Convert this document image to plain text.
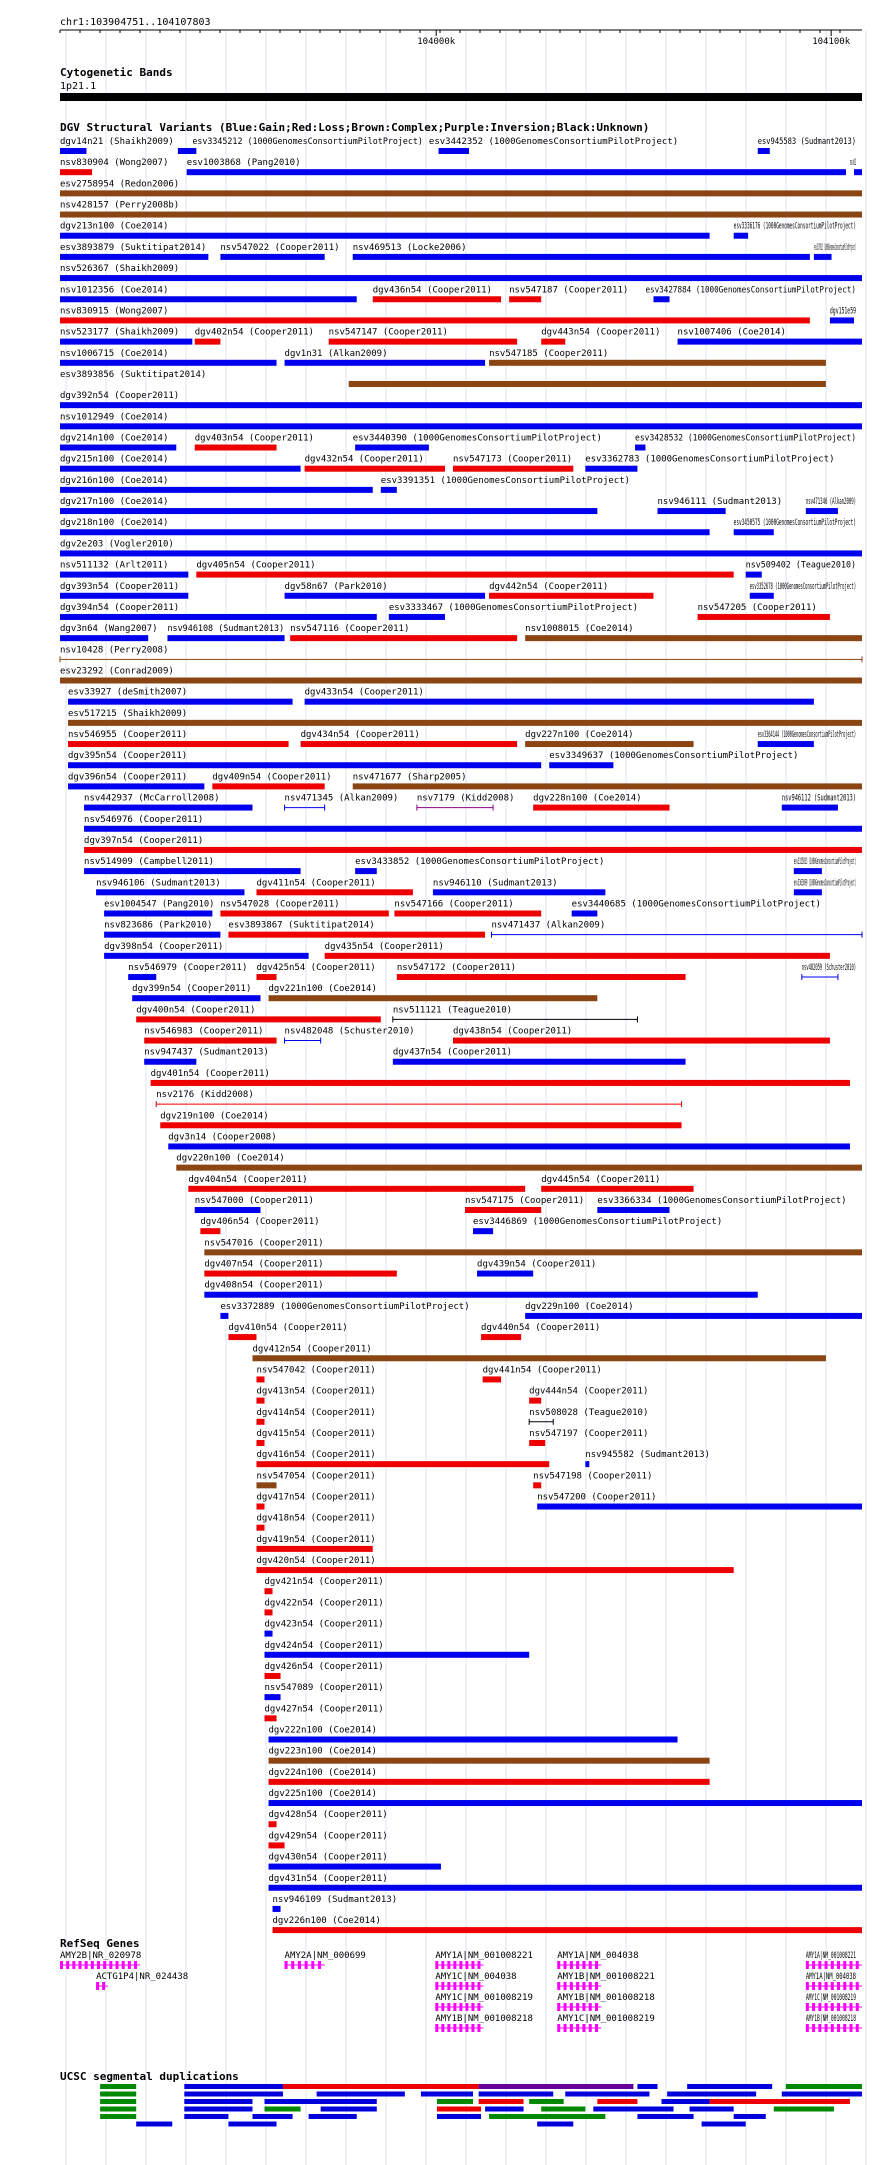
chr1:103904751..104107803
104000k	104100k
Cytogenetic Bands
1p21.1
DGV Structural Variants (Blue:Gain;Red:Loss;Brown:Complex;Purple:Inversion;Black:Unknown)
dgv14n21 (Shaikh2009) esv3345212 (1000GenomesConsortiumPilotProject) esv3442352 (1000GenomesConsortiumPilotProject)	esv945583 (Sudmant2013)
nsv830904 (Wong2007) esv1003868 (Pang2010)	nsv82
esv2758954 (Redon2006)
nsv428157 (Perry2008b)
dgv213n100 (Coe2014)	esv3336176 (1000GenomesConsortiumPilotProject)
esv3893879 (Suktitipat2014) nsv547022 (Cooper2011) nsv469513 (Locke2006)	esv3377623 (1000GenomesConsortiumPilotProject)
nsv526367 (Shaikh2009)
nsv1012356 (Coe2014)	dgv436n54 (Cooper2011) nsv547187 (Cooper2011) esv3427884 (1000GenomesConsortiumPilotProject)
nsv830915 (Wong2007)	dgv151e59
nsv523177 (Shaikh2009) dgv402n54 (Cooper2011) nsv547147 (Cooper2011)	dgv443n54 (Cooper2011) nsv1007406 (Coe2014)
nsv1006715 (Coe2014)	dgv1n31 (Alkan2009)	nsv547185 (Cooper2011)
esv3893856 (Suktitipat2014)
dgv392n54 (Cooper2011)
nsv1012949 (Coe2014)
dgv214n100 (Coe2014)	dgv403n54 (Cooper2011)	esv3440390 (1000GenomesConsortiumPilotProject)	esv3428532 (1000GenomesConsortiumPilotProject)
dgv215n100 (Coe2014)	dgv432n54 (Cooper2011)	nsv547173 (Cooper2011) esv3362783 (1000GenomesConsortiumPilotProject)
dgv216n100 (Coe2014)	esv3391351 (1000GenomesConsortiumPilotProject)
dgv217n100 (Coe2014)	nsv946111 (Sudmant2013)	nsv471346 (Alkan2009)
dgv218n100 (Coe2014)	esv3450575 (1000GenomesConsortiumPilotProject)
dgv2e203 (Vogler2010)
nsv511132 (Arlt2011)	dgv405n54 (Cooper2011)	nsv509402 (Teague2010)
dgv393n54 (Cooper2011)	dgv58n67 (Park2010)	dgv442n54 (Cooper2011)	esv3352678 (1000GenomesConsortiumPilotProject)
dgv394n54 (Cooper2011)	esv3333467 (1000GenomesConsortiumPilotProject)	nsv547205 (Cooper2011)
dgv3n64 (Wang2007) nsv946108 (Sudmant2013) nsv547116 (Cooper2011)	nsv1008015 (Coe2014)
nsv10428 (Perry2008)
esv23292 (Conrad2009)
esv33927 (deSmith2007)	dgv433n54 (Cooper2011)
esv517215 (Shaikh2009)
nsv546955 (Cooper2011)	dgv434n54 (Cooper2011)	dgv227n100 (Coe2014)	esv3364144 (1000GenomesConsortiumPilotProject)
dgv395n54 (Cooper2011)	esv3349637 (1000GenomesConsortiumPilotProject)
dgv396n54 (Cooper2011)	dgv409n54 (Cooper2011) nsv471677 (Sharp2005)
nsv442937 (McCarroll2008)	nsv471345 (Alkan2009) nsv7179 (Kidd2008) dgv228n100 (Coe2014)	nsv946112 (Sudmant2013)
nsv546976 (Cooper2011)
dgv397n54 (Cooper2011)
nsv514909 (Campbell2011)	esv3433852 (1000GenomesConsortiumPilotProject)	esv3325833 (1000GenomesConsortiumPilotProject)
nsv946106 (Sudmant2013)	dgv411n54 (Cooper2011)	nsv946110 (Sudmant2013)	esv3363699 (1000GenomesConsortiumPilotProject)
esv1004547 (Pang2010) nsv547028 (Cooper2011)	nsv547166 (Cooper2011)	esv3440685 (1000GenomesConsortiumPilotProject)
nsv823686 (Park2010) esv3893867 (Suktitipat2014)	nsv471437 (Alkan2009)
dgv398n54 (Cooper2011)	dgv435n54 (Cooper2011)
nsv546979 (Cooper2011) dgv425n54 (Cooper2011) nsv547172 (Cooper2011)	nsv482059 (Schuster2010)
dgv399n54 (Cooper2011) dgv221n100 (Coe2014)
dgv400n54 (Cooper2011)	nsv511121 (Teague2010)
nsv546983 (Cooper2011) nsv482048 (Schuster2010)	dgv438n54 (Cooper2011)
nsv947437 (Sudmant2013)	dgv437n54 (Cooper2011)
dgv401n54 (Cooper2011)
nsv2176 (Kidd2008)
dgv219n100 (Coe2014)
dgv3n14 (Cooper2008)
dgv220n100 (Coe2014)
dgv404n54 (Cooper2011)	dgv445n54 (Cooper2011)
nsv547000 (Cooper2011)	nsv547175 (Cooper2011) esv3366334 (1000GenomesConsortiumPilotProject)
dgv406n54 (Cooper2011)	esv3446869 (1000GenomesConsortiumPilotProject)
nsv547016 (Cooper2011)
dgv407n54 (Cooper2011)	dgv439n54 (Cooper2011)
dgv408n54 (Cooper2011)
esv3372889 (1000GenomesConsortiumPilotProject)	dgv229n100 (Coe2014)
dgv410n54 (Cooper2011)	dgv440n54 (Cooper2011)
dgv412n54 (Cooper2011)
nsv547042 (Cooper2011)	dgv441n54 (Cooper2011)
dgv413n54 (Cooper2011)	dgv444n54 (Cooper2011)
dgv414n54 (Cooper2011)	nsv508028 (Teague2010)
dgv415n54 (Cooper2011)	nsv547197 (Cooper2011)
dgv416n54 (Cooper2011)	nsv945582 (Sudmant2013)
nsv547054 (Cooper2011)	nsv547198 (Cooper2011)
dgv417n54 (Cooper2011)	nsv547200 (Cooper2011)
dgv418n54 (Cooper2011)
dgv419n54 (Cooper2011)
dgv420n54 (Cooper2011)
dgv421n54 (Cooper2011)
dgv422n54 (Cooper2011)
dgv423n54 (Cooper2011)
dgv424n54 (Cooper2011)
dgv426n54 (Cooper2011)
nsv547089 (Cooper2011)
dgv427n54 (Cooper2011)
dgv222n100 (Coe2014)
dgv223n100 (Coe2014)
dgv224n100 (Coe2014)
dgv225n100 (Coe2014)
dgv428n54 (Cooper2011)
dgv429n54 (Cooper2011)
dgv430n54 (Cooper2011)
dgv431n54 (Cooper2011)
nsv946109 (Sudmant2013)
dgv226n100 (Coe2014)
RefSeq Genes
AMY2B|NR_020978	AMY2A|NM_000699	AMY1A|NM_001008221	AMY1A|NM_004038	AMY1A|NM_001008221
ACTG1P4|NR_024438	AMY1C|NM_004038	AMY1B|NM_001008221	AMY1A|NM_004038
AMY1C|NM_001008219	AMY1B|NM_001008218	AMY1C|NM_001008219
AMY1B|NM_001008218	AMY1C|NM_001008219	AMY1B|NM_001008218
UCSC segmental duplications
